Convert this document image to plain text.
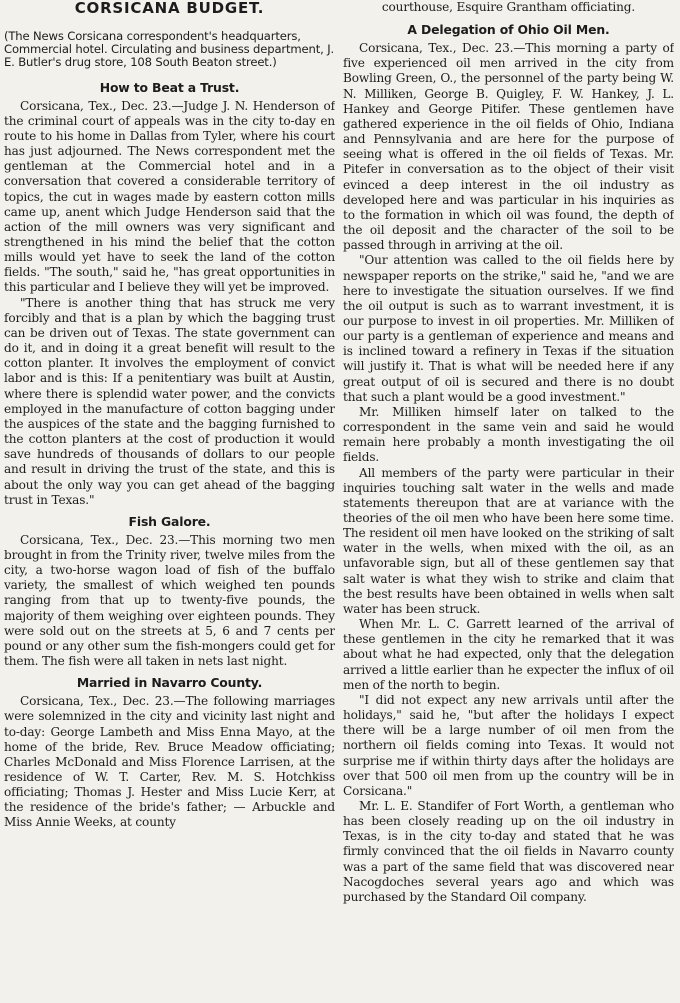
CORSICANA BUDGET.
(The News Corsicana correspondent's headquarters, Commercial hotel. Circulating and business department, J. E. Butler's drug store, 108 South Beaton street.)
How to Beat a Trust.

Corsicana, Tex., Dec. 23.—Judge J. N. Henderson of the criminal court of appeals was in the city to-day en route to his home in Dallas from Tyler, where his court has just adjourned. The News correspondent met the gentleman at the Commercial hotel and in a conversation that covered a considerable territory of topics, the cut in wages made by eastern cotton mills came up, anent which Judge Henderson said that the action of the mill owners was very significant and strengthened in his mind the belief that the cotton mills would yet have to seek the land of the cotton fields. "The south," said he, "has great opportunities in this particular and I believe they will yet be improved.

"There is another thing that has struck me very forcibly and that is a plan by which the bagging trust can be driven out of Texas. The state government can do it, and in doing it a great benefit will result to the cotton planter. It involves the employment of convict labor and is this: If a penitentiary was built at Austin, where there is splendid water power, and the convicts employed in the manufacture of cotton bagging under the auspices of the state and the bagging furnished to the cotton planters at the cost of production it would save hundreds of thousands of dollars to our people and result in driving the trust of the state, and this is about the only way you can get ahead of the bagging trust in Texas."

Fish Galore.

Corsicana, Tex., Dec. 23.—This morning two men brought in from the Trinity river, twelve miles from the city, a two-horse wagon load of fish of the buffalo variety, the smallest of which weighed ten pounds ranging from that up to twenty-five pounds, the majority of them weighing over eighteen pounds. They were sold out on the streets at 5, 6 and 7 cents per pound or any other sum the fish-mongers could get for them. The fish were all taken in nets last night.

Married in Navarro County.

Corsicana, Tex., Dec. 23.—The following marriages were solemnized in the city and vicinity last night and to-day: George Lambeth and Miss Enna Mayo, at the home of the bride, Rev. Bruce Meadow officiating; Charles McDonald and Miss Florence Larrisen, at the residence of W. T. Carter, Rev. M. S. Hotchkiss officiating; Thomas J. Hester and Miss Lucie Kerr, at the residence of the bride's father; — Arbuckle and Miss Annie Weeks, at county

courthouse, Esquire Grantham officiating.

A Delegation of Ohio Oil Men.

Corsicana, Tex., Dec. 23.—This morning a party of five experienced oil men arrived in the city from Bowling Green, O., the personnel of the party being W. N. Milliken, George B. Quigley, F. W. Hankey, J. L. Hankey and George Pitifer. These gentlemen have gathered experience in the oil fields of Ohio, Indiana and Pennsylvania and are here for the purpose of seeing what is offered in the oil fields of Texas. Mr. Pitefer in conversation as to the object of their visit evinced a deep interest in the oil industry as developed here and was particular in his inquiries as to the formation in which oil was found, the depth of the oil deposit and the character of the soil to be passed through in arriving at the oil.

"Our attention was called to the oil fields here by newspaper reports on the strike," said he, "and we are here to investigate the situation ourselves. If we find the oil output is such as to warrant investment, it is our purpose to invest in oil properties. Mr. Milliken of our party is a gentleman of experience and means and is inclined toward a refinery in Texas if the situation will justify it. That is what will be needed here if any great output of oil is secured and there is no doubt that such a plant would be a good investment."

Mr. Milliken himself later on talked to the correspondent in the same vein and said he would remain here probably a month investigating the oil fields.

All members of the party were particular in their inquiries touching salt water in the wells and made statements thereupon that are at variance with the theories of the oil men who have been here some time. The resident oil men have looked on the striking of salt water in the wells, when mixed with the oil, as an unfavorable sign, but all of these gentlemen say that salt water is what they wish to strike and claim that the best results have been obtained in wells when salt water has been struck.

When Mr. L. C. Garrett learned of the arrival of these gentlemen in the city he remarked that it was about what he had expected, only that the delegation arrived a little earlier than he expecter the influx of oil men of the north to begin.

"I did not expect any new arrivals until after the holidays," said he, "but after the holidays I expect there will be a large number of oil men from the northern oil fields coming into Texas. It would not surprise me if within thirty days after the holidays are over that 500 oil men from up the country will be in Corsicana."

Mr. L. E. Standifer of Fort Worth, a gentleman who has been closely reading up on the oil industry in Texas, is in the city to-day and stated that he was firmly convinced that the oil fields in Navarro county was a part of the same field that was discovered near Nacogdoches several years ago and which was purchased by the Standard Oil company.
